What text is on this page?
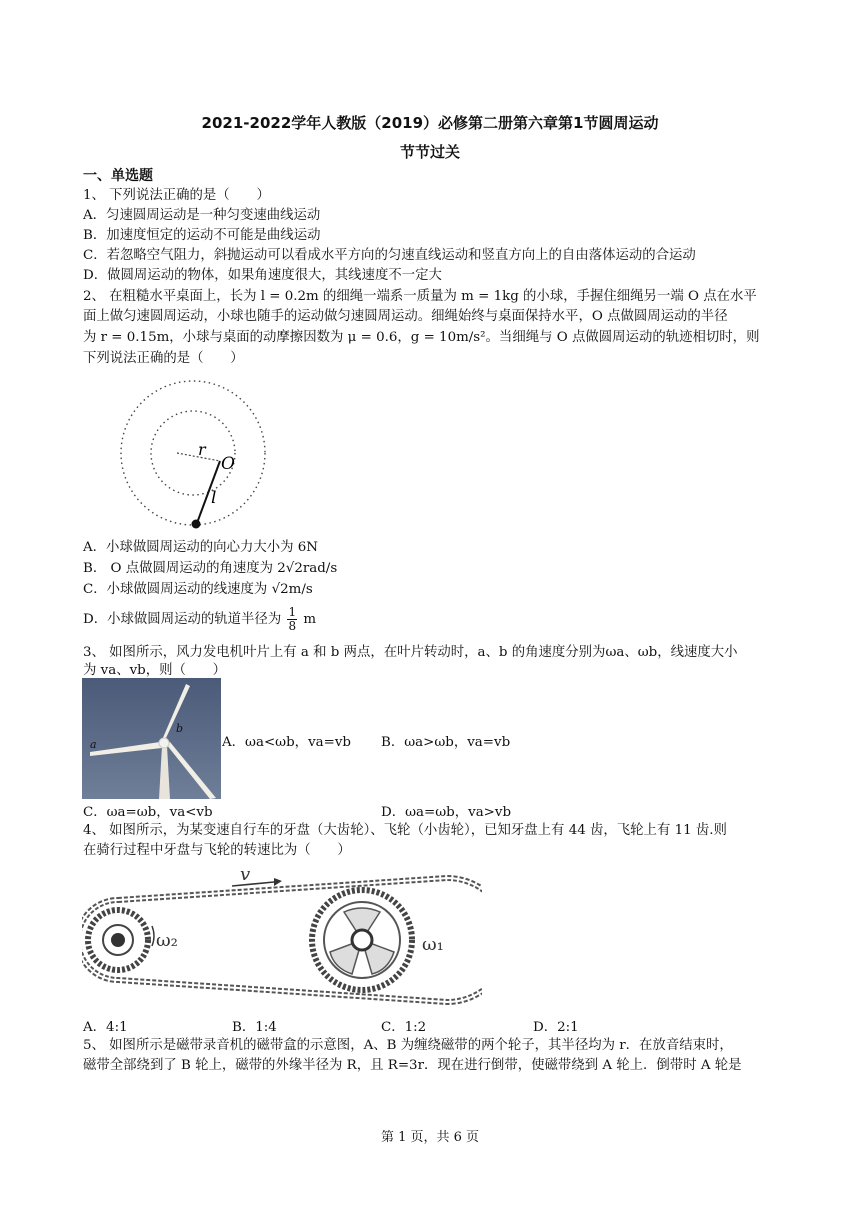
2021-2022学年人教版（2019）必修第二册第六章第1节圆周运动
节节过关
一、单选题
1、 下列说法正确的是（　　）
A．匀速圆周运动是一种匀变速曲线运动
B．加速度恒定的运动不可能是曲线运动
C．若忽略空气阻力，斜抛运动可以看成水平方向的匀速直线运动和竖直方向上的自由落体运动的合运动
D．做圆周运动的物体，如果角速度很大，其线速度不一定大
2、 在粗糙水平桌面上，长为 l = 0.2m 的细绳一端系一质量为 m = 1kg 的小球，手握住细绳另一端 O 点在水平
面上做匀速圆周运动，小球也随手的运动做匀速圆周运动。细绳始终与桌面保持水平，O 点做圆周运动的半径
为 r = 0.15m，小球与桌面的动摩擦因数为 μ = 0.6，g = 10m/s²。当细绳与 O 点做圆周运动的轨迹相切时，则
下列说法正确的是（　　）
r
O
l
A．小球做圆周运动的向心力大小为 6N
B． O 点做圆周运动的角速度为 2√2rad/s
C．小球做圆周运动的线速度为 √2m/s
D．小球做圆周运动的轨道半径为 $\frac{1}{8}$ m
3、 如图所示，风力发电机叶片上有 a 和 b 两点，在叶片转动时，a、b 的角速度分别为ωa、ωb，线速度大小
为 va、vb，则（　　）
a
b
A．ωa<ωb，va=vb B．ωa>ωb，va=vb
C．ωa=ωb，va<vb	D．ωa=ωb，va>vb
4、 如图所示，为某变速自行车的牙盘（大齿轮）、飞轮（小齿轮），已知牙盘上有 44 齿，飞轮上有 11 齿.则
在骑行过程中牙盘与飞轮的转速比为（　　）
v
ω₂	ω₁
A．4:1	B．1:4	C．1:2	D．2:1
5、 如图所示是磁带录音机的磁带盒的示意图，A、B 为缠绕磁带的两个轮子，其半径均为 r．在放音结束时，
磁带全部绕到了 B 轮上，磁带的外缘半径为 R，且 R=3r．现在进行倒带，使磁带绕到 A 轮上．倒带时 A 轮是
第 1 页，共 6 页
